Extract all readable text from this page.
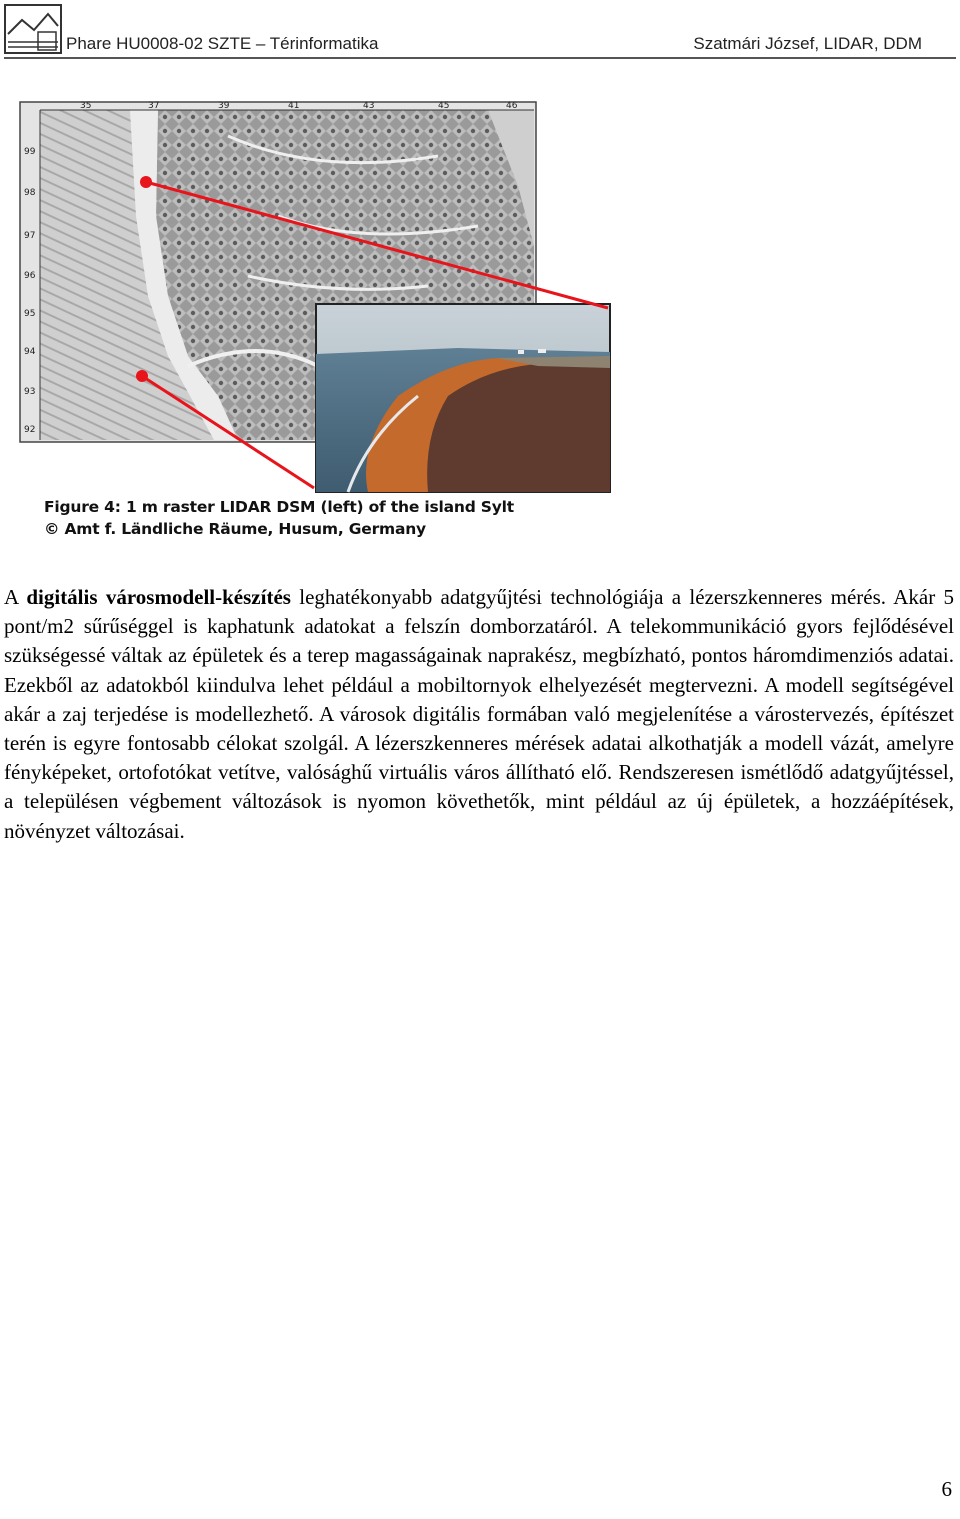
Phare HU0008-02 SZTE – Térinformatika	Szatmári József, LIDAR, DDM
35	37	39	41	43	45	46
99
98
97
96
95
94
93
92
Figure 4: 1 m raster LIDAR DSM (left) of the island Sylt
© Amt f. Ländliche Räume, Husum, Germany
A digitális városmodell-készítés leghatékonyabb adatgyűjtési technológiája a lézerszkenneres mérés. Akár 5 pont/m2 sűrűséggel is kaphatunk adatokat a felszín domborzatáról. A telekommunikáció gyors fejlődésével szükségessé váltak az épületek és a terep magasságainak naprakész, megbízható, pontos háromdimenziós adatai. Ezekből az adatokból kiindulva lehet például a mobiltornyok elhelyezését megtervezni. A modell segítségével akár a zaj terjedése is modellezhető. A városok digitális formában való megjelenítése a várostervezés, építészet terén is egyre fontosabb célokat szolgál. A lézerszkenneres mérések adatai alkothatják a modell vázát, amelyre fényképeket, ortofotókat vetítve, valósághű virtuális város állítható elő. Rendszeresen ismétlődő adatgyűjtéssel, a településen végbement változások is nyomon követhetők, mint például az új épületek, a hozzáépítések, növényzet változásai.
6
